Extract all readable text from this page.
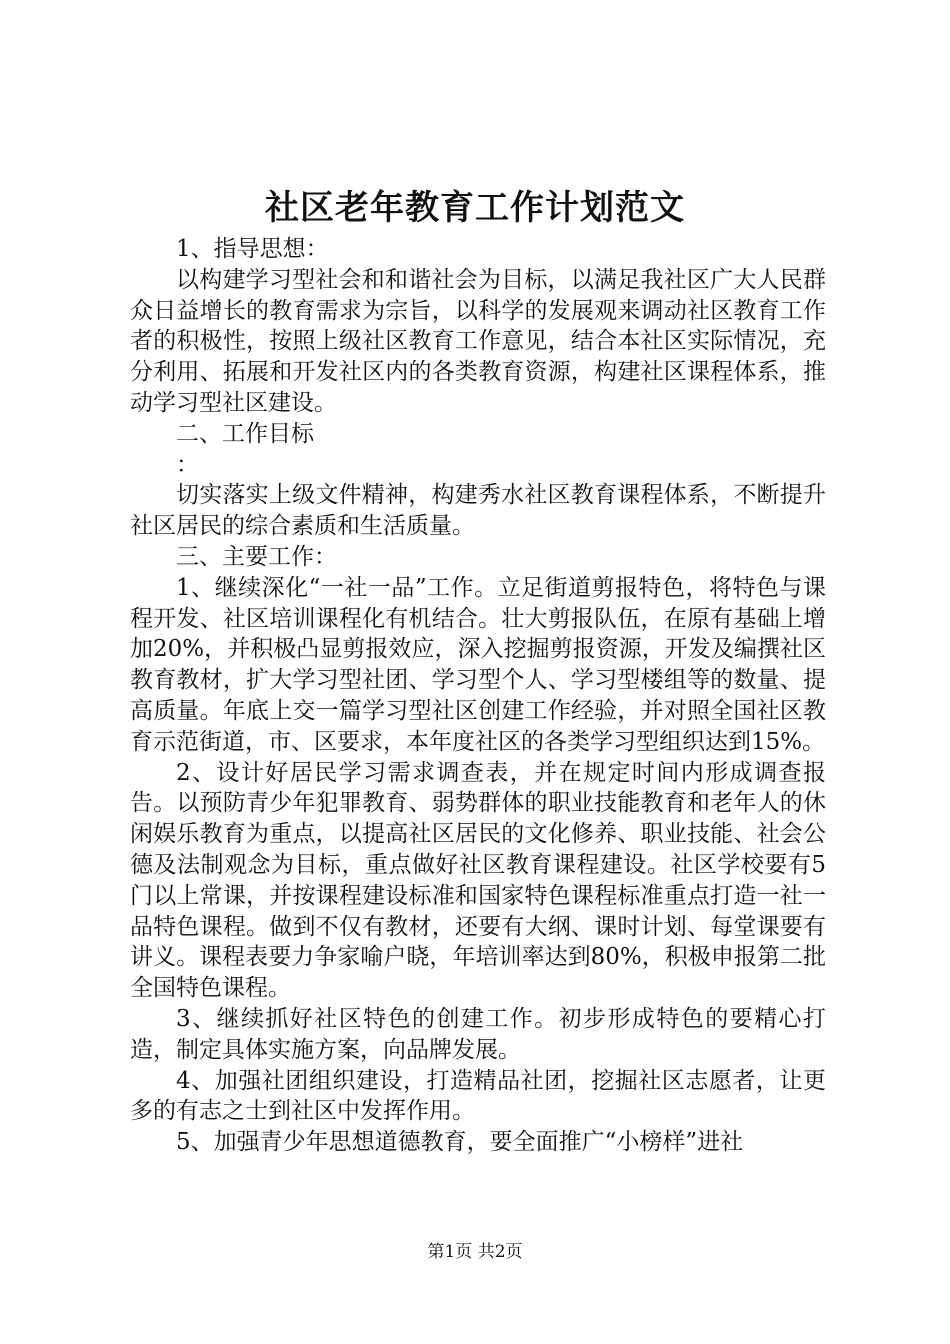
社区老年教育工作计划范文

1、指导思想：

以构建学习型社会和和谐社会为目标，以满足我社区广大人民群众日益增长的教育需求为宗旨，以科学的发展观来调动社区教育工作者的积极性，按照上级社区教育工作意见，结合本社区实际情况，充分利用、拓展和开发社区内的各类教育资源，构建社区课程体系，推动学习型社区建设。

二、工作目标

：

切实落实上级文件精神，构建秀水社区教育课程体系，不断提升社区居民的综合素质和生活质量。

三、主要工作：

1、继续深化“一社一品”工作。立足街道剪报特色，将特色与课程开发、社区培训课程化有机结合。壮大剪报队伍，在原有基础上增加20%，并积极凸显剪报效应，深入挖掘剪报资源，开发及编撰社区教育教材，扩大学习型社团、学习型个人、学习型楼组等的数量、提高质量。年底上交一篇学习型社区创建工作经验，并对照全国社区教育示范街道，市、区要求，本年度社区的各类学习型组织达到15%。

2、设计好居民学习需求调查表，并在规定时间内形成调查报告。以预防青少年犯罪教育、弱势群体的职业技能教育和老年人的休闲娱乐教育为重点，以提高社区居民的文化修养、职业技能、社会公德及法制观念为目标，重点做好社区教育课程建设。社区学校要有5门以上常课，并按课程建设标准和国家特色课程标准重点打造一社一品特色课程。做到不仅有教材，还要有大纲、课时计划、每堂课要有讲义。课程表要力争家喻户晓，年培训率达到80%，积极申报第二批全国特色课程。

3、继续抓好社区特色的创建工作。初步形成特色的要精心打造，制定具体实施方案，向品牌发展。

4、加强社团组织建设，打造精品社团，挖掘社区志愿者，让更多的有志之士到社区中发挥作用。

5、加强青少年思想道德教育，要全面推广“小榜样”进社

第1页 共2页
